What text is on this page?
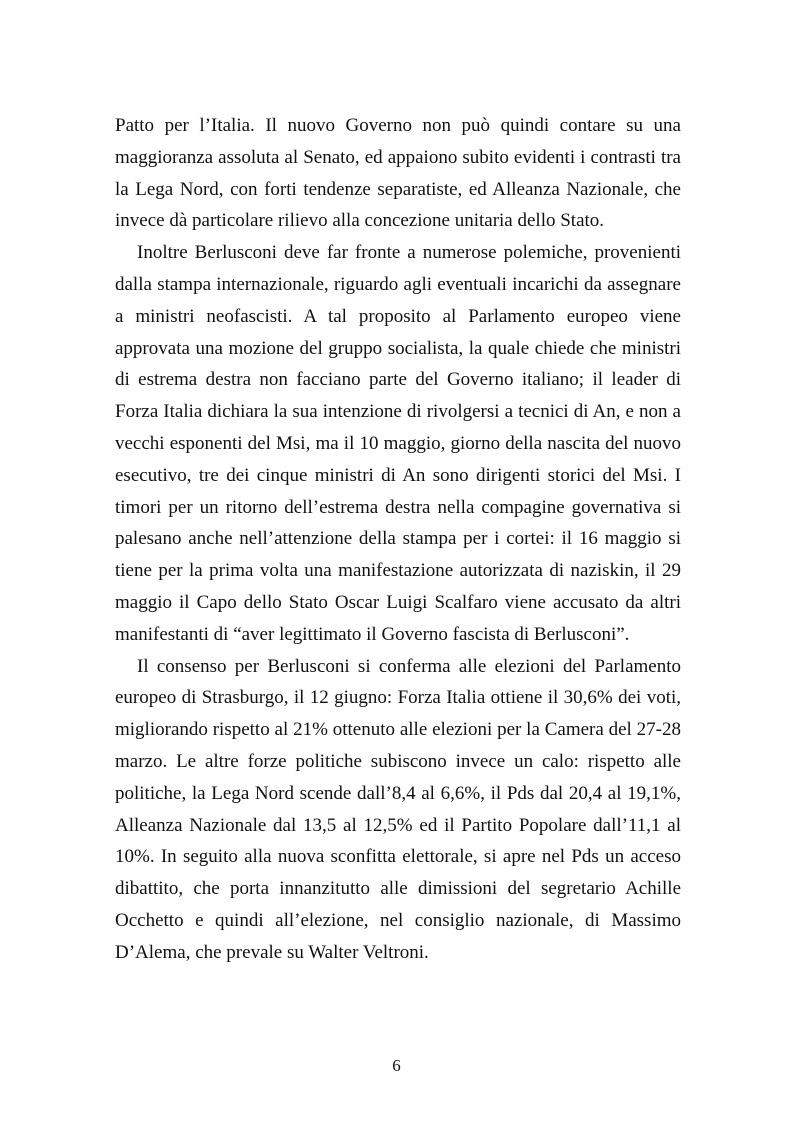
Patto per l’Italia. Il nuovo Governo non può quindi contare su una maggioranza assoluta al Senato, ed appaiono subito evidenti i contrasti tra la Lega Nord, con forti tendenze separatiste, ed Alleanza Nazionale, che invece dà particolare rilievo alla concezione unitaria dello Stato.

Inoltre Berlusconi deve far fronte a numerose polemiche, provenienti dalla stampa internazionale, riguardo agli eventuali incarichi da assegnare a ministri neofascisti. A tal proposito al Parlamento europeo viene approvata una mozione del gruppo socialista, la quale chiede che ministri di estrema destra non facciano parte del Governo italiano; il leader di Forza Italia dichiara la sua intenzione di rivolgersi a tecnici di An, e non a vecchi esponenti del Msi, ma il 10 maggio, giorno della nascita del nuovo esecutivo, tre dei cinque ministri di An sono dirigenti storici del Msi. I timori per un ritorno dell’estrema destra nella compagine governativa si palesano anche nell’attenzione della stampa per i cortei: il 16 maggio si tiene per la prima volta una manifestazione autorizzata di naziskin, il 29 maggio il Capo dello Stato Oscar Luigi Scalfaro viene accusato da altri manifestanti di “aver legittimato il Governo fascista di Berlusconi”.

Il consenso per Berlusconi si conferma alle elezioni del Parlamento europeo di Strasburgo, il 12 giugno: Forza Italia ottiene il 30,6% dei voti, migliorando rispetto al 21% ottenuto alle elezioni per la Camera del 27-28 marzo. Le altre forze politiche subiscono invece un calo: rispetto alle politiche, la Lega Nord scende dall’8,4 al 6,6%, il Pds dal 20,4 al 19,1%, Alleanza Nazionale dal 13,5 al 12,5% ed il Partito Popolare dall’11,1 al 10%. In seguito alla nuova sconfitta elettorale, si apre nel Pds un acceso dibattito, che porta innanzitutto alle dimissioni del segretario Achille Occhetto e quindi all’elezione, nel consiglio nazionale, di Massimo D’Alema, che prevale su Walter Veltroni.

6
